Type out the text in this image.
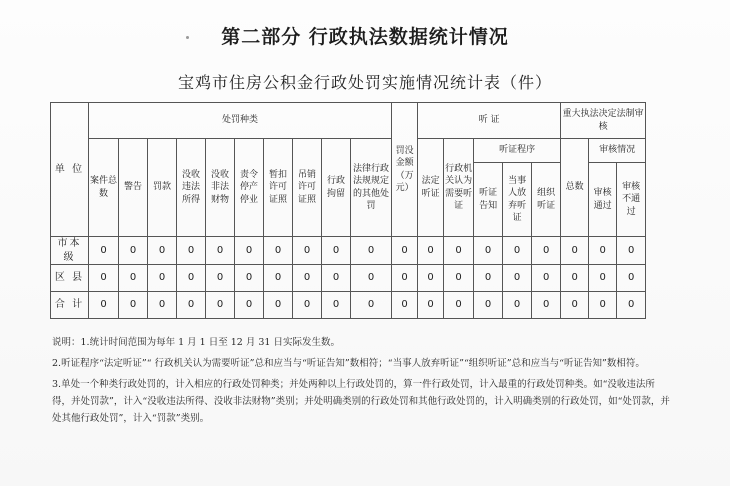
第二部分 行政执法数据统计情况
宝鸡市住房公积金行政处罚实施情况统计表（件）
单 位	处罚种类										罚没金额（万元）	听 证					重大执法决定法制审核		
	案件总数	警告	罚款	没收违法所得	没收非法财物	责令停产停业	暂扣许可证照	吊销许可证照	行政拘留	法律行政法规规定的其他处罚		法定听证	行政机关认为需要听证	听证程序			总数	审核情况	

														听证告知	当事人放弃听证	组织听证		审核通过	审核不通过
市本级	0	0	0	0	0	0	0	0	0	0	0	0	0	0	0	0	0	0	0
区 县	0	0	0	0	0	0	0	0	0	0	0	0	0	0	0	0	0	0	0
合 计	0	0	0	0	0	0	0	0	0	0	0	0	0	0	0	0	0	0	0

说明：1.统计时间范围为每年 1 月 1 日至 12 月 31 日实际发生数。

2.听证程序“法定听证”“ 行政机关认为需要听证”总和应当与“听证告知”数相符；“当事人放弃听证”“组织听证”总和应当与“听证告知”数相符。

3.单处一个种类行政处罚的，计入相应的行政处罚种类；并处两种以上行政处罚的，算一件行政处罚，计入最重的行政处罚种类。如“没收违法所得，并处罚款”，计入“没收违法所得、没收非法财物”类别；并处明确类别的行政处罚和其他行政处罚的，计入明确类别的行政处罚，如“处罚款，并处其他行政处罚”，计入“罚款”类别。
